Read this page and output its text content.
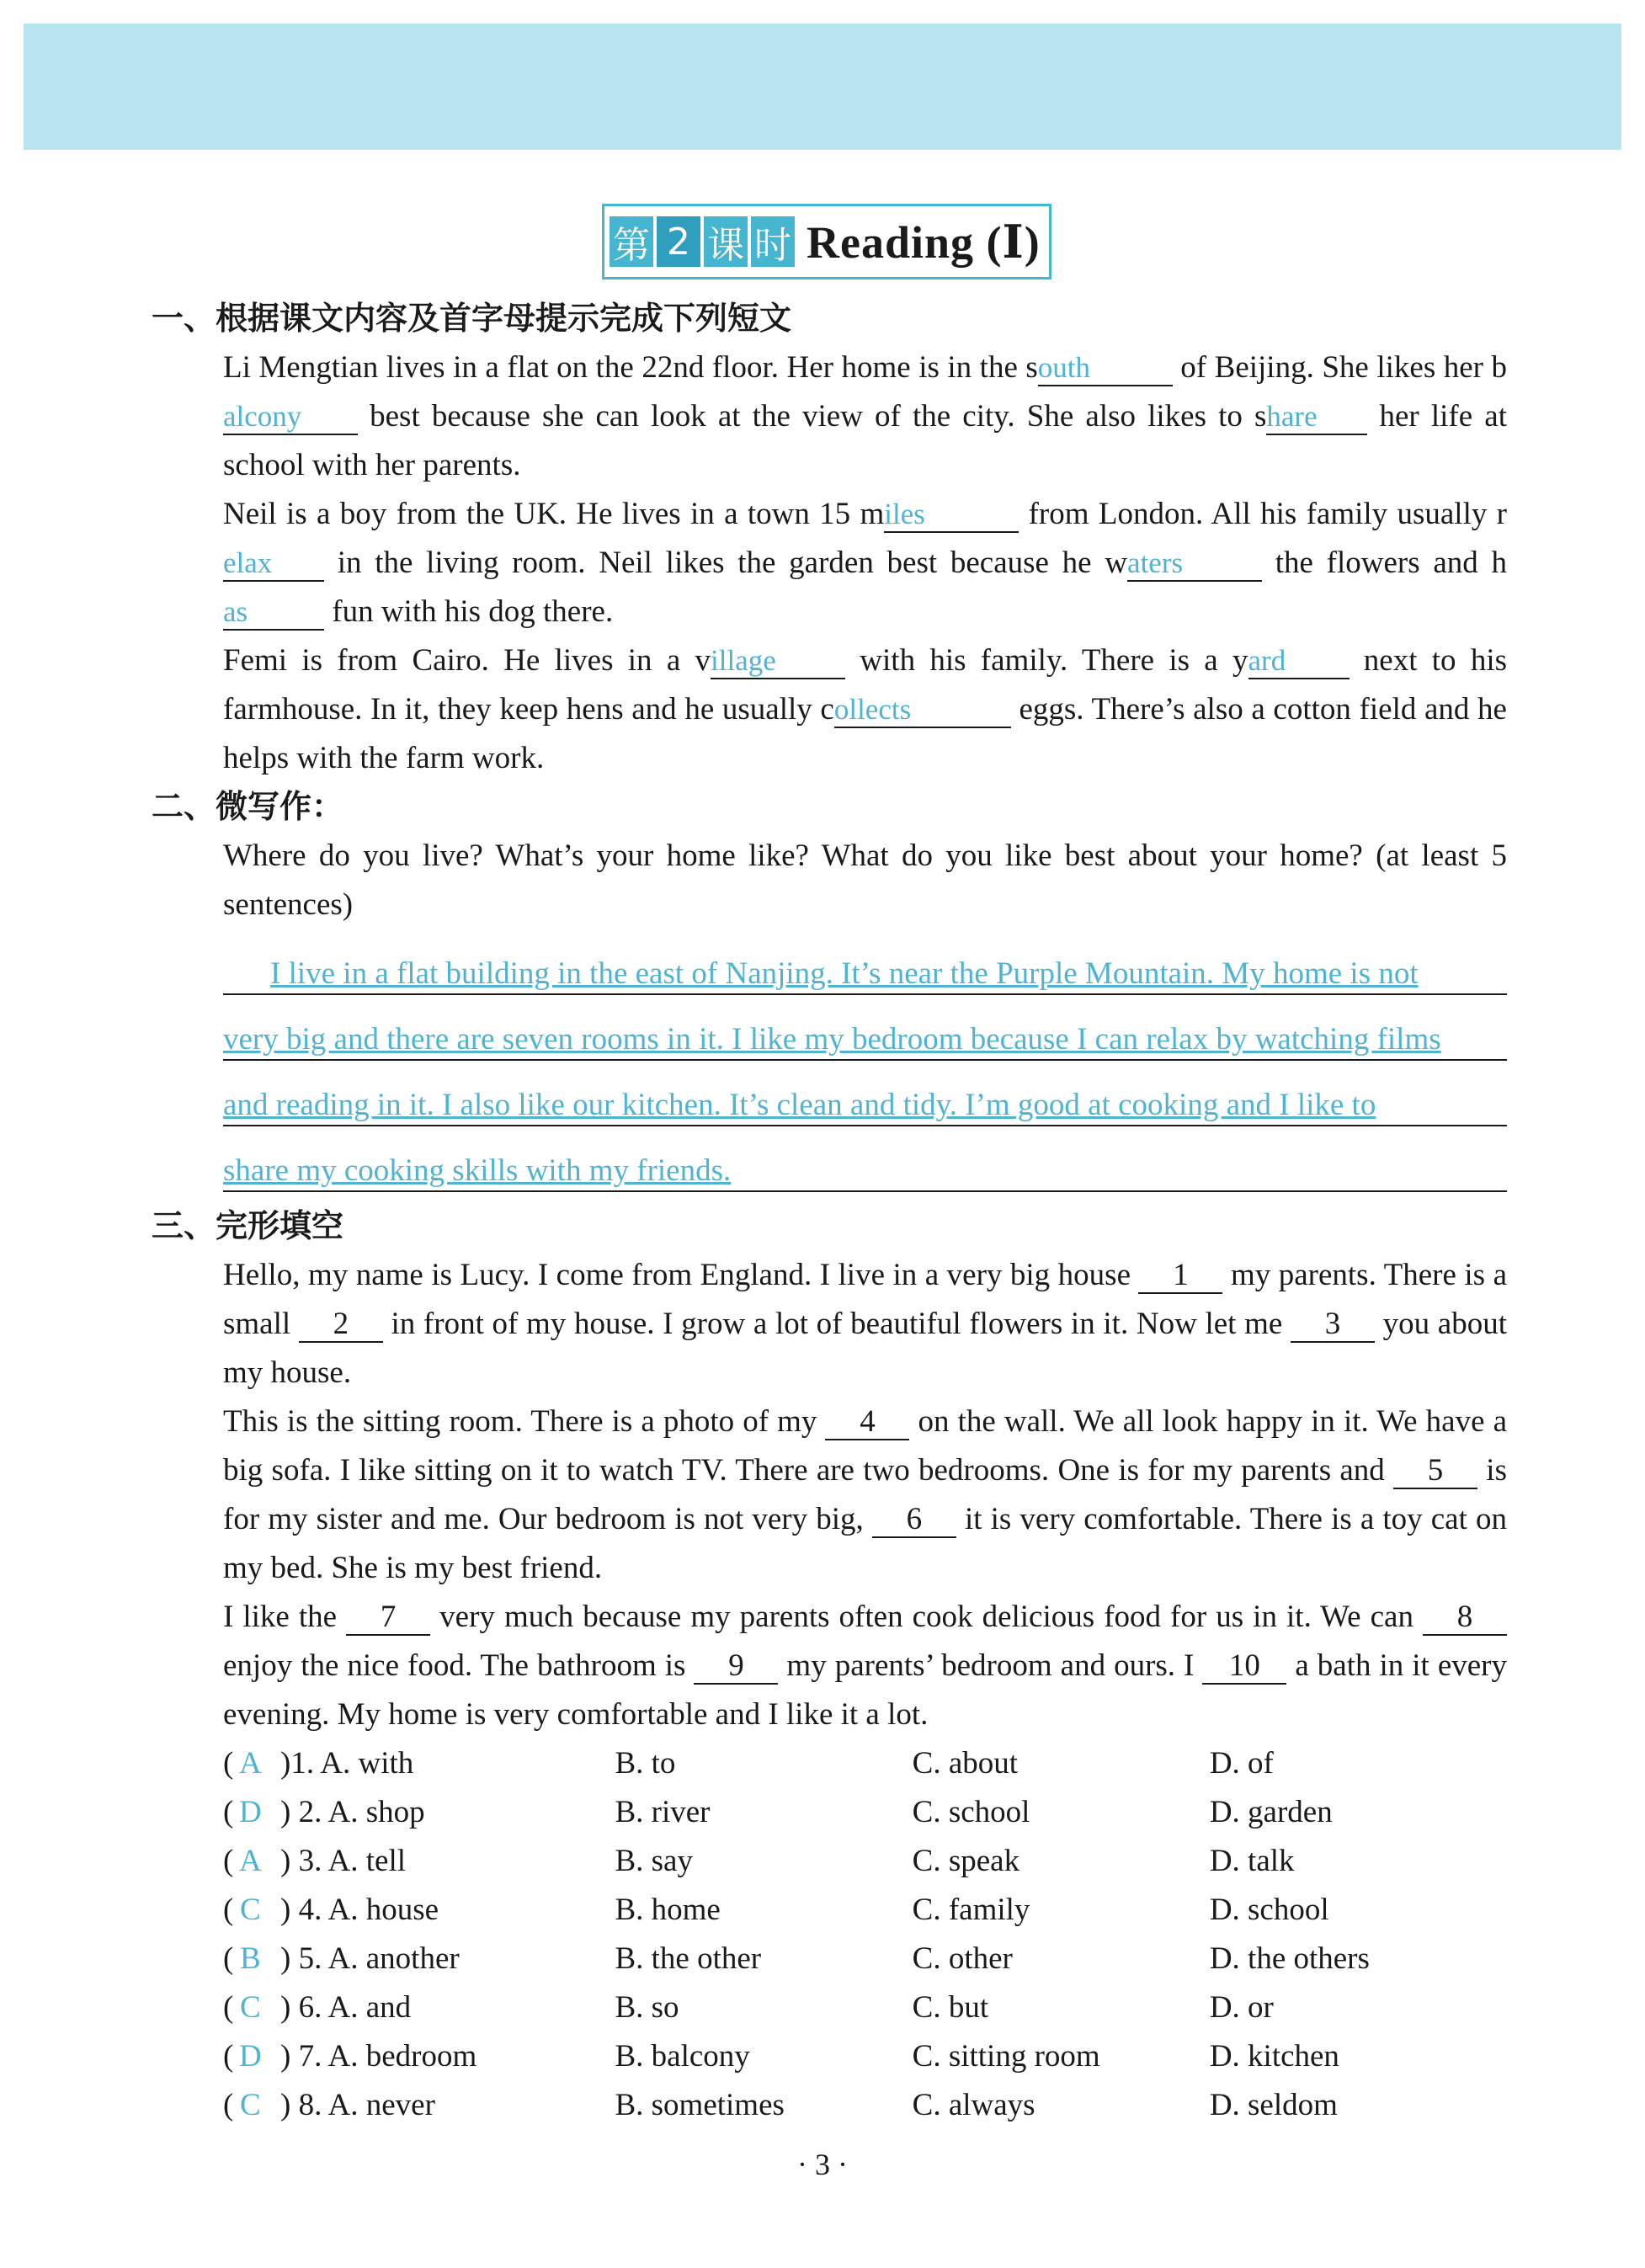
第 2 课 时 Reading (Ⅰ)
一、根据课文内容及首字母提示完成下列短文

Li Mengtian lives in a flat on the 22nd floor. Her home is in the south	of Beijing. She likes her balcony best because she can look at the view of the city. She also likes to share her life at school with her parents.

Neil is a boy from the UK. He lives in a town 15 miles	from London. All his family usually relax in the living room. Neil likes the garden best because he waters	the flowers and has fun with his dog there.

Femi is from Cairo. He lives in a village with his family. There is a yard next to his farmhouse. In it, they keep hens and he usually collects	eggs. There’s also a cotton field and he helps with the farm work.

二、微写作：

Where do you live? What’s your home like? What do you like best about your home? (at least 5 sentences)

I live in a flat building in the east of Nanjing. It’s near the Purple Mountain. My home is not
very big and there are seven rooms in it. I like my bedroom because I can relax by watching films
and reading in it. I also like our kitchen. It’s clean and tidy. I’m good at cooking and I like to
share my cooking skills with my friends.
三、完形填空

Hello, my name is Lucy. I come from England. I live in a very big house 1 my parents. There is a small 2 in front of my house. I grow a lot of beautiful flowers in it. Now let me 3 you about my house.

This is the sitting room. There is a photo of my 4 on the wall. We all look happy in it. We have a big sofa. I like sitting on it to watch TV. There are two bedrooms. One is for my parents and 5 is for my sister and me. Our bedroom is not very big, 6 it is very comfortable. There is a toy cat on my bed. She is my best friend.

I like the 7 very much because my parents often cook delicious food for us in it. We can 8 enjoy the nice food. The bathroom is 9 my parents’ bedroom and ours. I 10 a bath in it every evening. My home is very comfortable and I like it a lot.

( A )1. A. with	B. to	C. about	D. of
( D ) 2. A. shop	B. river	C. school	D. garden
( A ) 3. A. tell	B. say	C. speak	D. talk
( C ) 4. A. house	B. home	C. family	D. school
( B ) 5. A. another	B. the other	C. other	D. the others
( C ) 6. A. and	B. so	C. but	D. or
( D ) 7. A. bedroom	B. balcony	C. sitting room	D. kitchen
( C ) 8. A. never	B. sometimes	C. always	D. seldom
· 3 ·
